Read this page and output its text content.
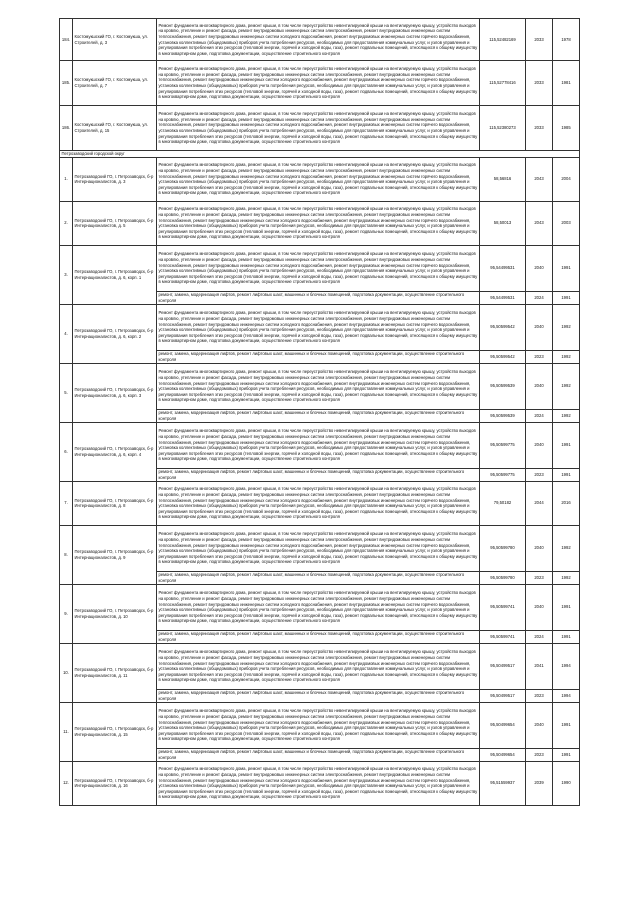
184.	Костомукшский ГО, г. Костомукша, ул. Строителей, д. 3	Ремонт фундамента многоквартирного дома, ремонт крыши, в том числе переустройство невентилируемой крыши на вентилируемую крышу, устройство выходов на кровлю, утепление и ремонт фасада, ремонт внутридомовых инженерных систем электроснабжения, ремонт внутридомовых инженерных систем теплоснабжения, ремонт внутридомовых инженерных систем холодного водоснабжения, ремонт внутридомовых инженерных систем горячего водоснабжения, установка коллективных (общедомовых) приборов учета потребления ресурсов, необходимых для предоставления коммунальных услуг, и узлов управления и регулирования потребления этих ресурсов (тепловой энергии, горячей и холодной воды, газа), ремонт подвальных помещений, относящихся к общему имуществу в многоквартирном доме, подготовка документации, осуществление строительного контроля	115,52482169	2033	1978
185.	Костомукшский ГО, г. Костомукша, ул. Строителей, д. 7	Ремонт фундамента многоквартирного дома, ремонт крыши, в том числе переустройство невентилируемой крыши на вентилируемую крышу, устройство выходов на кровлю, утепление и ремонт фасада, ремонт внутридомовых инженерных систем электроснабжения, ремонт внутридомовых инженерных систем теплоснабжения, ремонт внутридомовых инженерных систем холодного водоснабжения, ремонт внутридомовых инженерных систем горячего водоснабжения, установка коллективных (общедомовых) приборов учета потребления ресурсов, необходимых для предоставления коммунальных услуг, и узлов управления и регулирования потребления этих ресурсов (тепловой энергии, горячей и холодной воды, газа), ремонт подвальных помещений, относящихся к общему имуществу в многоквартирном доме, подготовка документации, осуществление строительного контроля	115,52778416	2033	1981
186.	Костомукшский ГО, г. Костомукша, ул. Строителей, д. 15	Ремонт фундамента многоквартирного дома, ремонт крыши, в том числе переустройство невентилируемой крыши на вентилируемую крышу, устройство выходов на кровлю, утепление и ремонт фасада, ремонт внутридомовых инженерных систем электроснабжения, ремонт внутридомовых инженерных систем теплоснабжения, ремонт внутридомовых инженерных систем холодного водоснабжения, ремонт внутридомовых инженерных систем горячего водоснабжения, установка коллективных (общедомовых) приборов учета потребления ресурсов, необходимых для предоставления коммунальных услуг, и узлов управления и регулирования потребления этих ресурсов (тепловой энергии, горячей и холодной воды, газа), ремонт подвальных помещений, относящихся к общему имуществу в многоквартирном доме, подготовка документации, осуществление строительного контроля	115,52380273	2033	1985
Петрозаводский городской округ					
1.	Петрозаводский ГО, г. Петрозаводск, б-р Интернационалистов, д. 3	Ремонт фундамента многоквартирного дома, ремонт крыши, в том числе переустройство невентилируемой крыши на вентилируемую крышу, устройство выходов на кровлю, утепление и ремонт фасада, ремонт внутридомовых инженерных систем электроснабжения, ремонт внутридомовых инженерных систем теплоснабжения, ремонт внутридомовых инженерных систем холодного водоснабжения, ремонт внутридомовых инженерных систем горячего водоснабжения, установка коллективных (общедомовых) приборов учета потребления ресурсов, необходимых для предоставления коммунальных услуг, и узлов управления и регулирования потребления этих ресурсов (тепловой энергии, горячей и холодной воды, газа), ремонт подвальных помещений, относящихся к общему имуществу в многоквартирном доме, подготовка документации, осуществление строительного контроля	58,56816	2043	2004
2.	Петрозаводский ГО, г. Петрозаводск, б-р Интернационалистов, д. 5	Ремонт фундамента многоквартирного дома, ремонт крыши, в том числе переустройство невентилируемой крыши на вентилируемую крышу, устройство выходов на кровлю, утепление и ремонт фасада, ремонт внутридомовых инженерных систем электроснабжения, ремонт внутридомовых инженерных систем теплоснабжения, ремонт внутридомовых инженерных систем холодного водоснабжения, ремонт внутридомовых инженерных систем горячего водоснабжения, установка коллективных (общедомовых) приборов учета потребления ресурсов, необходимых для предоставления коммунальных услуг, и узлов управления и регулирования потребления этих ресурсов (тепловой энергии, горячей и холодной воды, газа), ремонт подвальных помещений, относящихся к общему имуществу в многоквартирном доме, подготовка документации, осуществление строительного контроля	58,50013	2043	2003
3.	Петрозаводский ГО, г. Петрозаводск, б-р Интернационалистов, д. 6, корп. 1	Ремонт фундамента многоквартирного дома, ремонт крыши, в том числе переустройство невентилируемой крыши на вентилируемую крышу, устройство выходов на кровлю, утепление и ремонт фасада, ремонт внутридомовых инженерных систем электроснабжения, ремонт внутридомовых инженерных систем теплоснабжения, ремонт внутридомовых инженерных систем холодного водоснабжения, ремонт внутридомовых инженерных систем горячего водоснабжения, установка коллективных (общедомовых) приборов учета потребления ресурсов, необходимых для предоставления коммунальных услуг, и узлов управления и регулирования потребления этих ресурсов (тепловой энергии, горячей и холодной воды, газа), ремонт подвальных помещений, относящихся к общему имуществу в многоквартирном доме, подготовка документации, осуществление строительного контроля	95,54499531	2040	1991
		ремонт, замена, модернизация лифтов, ремонт лифтовых шахт, машинных и блочных помещений, подготовка документации, осуществление строительного контроля	95,54499531	2024	1991
4.	Петрозаводский ГО, г. Петрозаводск, б-р Интернационалистов, д. 6, корп. 2	Ремонт фундамента многоквартирного дома, ремонт крыши, в том числе переустройство невентилируемой крыши на вентилируемую крышу, устройство выходов на кровлю, утепление и ремонт фасада, ремонт внутридомовых инженерных систем электроснабжения, ремонт внутридомовых инженерных систем теплоснабжения, ремонт внутридомовых инженерных систем холодного водоснабжения, ремонт внутридомовых инженерных систем горячего водоснабжения, установка коллективных (общедомовых) приборов учета потребления ресурсов, необходимых для предоставления коммунальных услуг, и узлов управления и регулирования потребления этих ресурсов (тепловой энергии, горячей и холодной воды, газа), ремонт подвальных помещений, относящихся к общему имуществу в многоквартирном доме, подготовка документации, осуществление строительного контроля	95,50599542	2040	1992
		ремонт, замена, модернизация лифтов, ремонт лифтовых шахт, машинных и блочных помещений, подготовка документации, осуществление строительного контроля	95,50599542	2023	1992
5.	Петрозаводский ГО, г. Петрозаводск, б-р Интернационалистов, д. 6, корп. 3	Ремонт фундамента многоквартирного дома, ремонт крыши, в том числе переустройство невентилируемой крыши на вентилируемую крышу, устройство выходов на кровлю, утепление и ремонт фасада, ремонт внутридомовых инженерных систем электроснабжения, ремонт внутридомовых инженерных систем теплоснабжения, ремонт внутридомовых инженерных систем холодного водоснабжения, ремонт внутридомовых инженерных систем горячего водоснабжения, установка коллективных (общедомовых) приборов учета потребления ресурсов, необходимых для предоставления коммунальных услуг, и узлов управления и регулирования потребления этих ресурсов (тепловой энергии, горячей и холодной воды, газа), ремонт подвальных помещений, относящихся к общему имуществу в многоквартирном доме, подготовка документации, осуществление строительного контроля	95,50599539	2040	1992
		ремонт, замена, модернизация лифтов, ремонт лифтовых шахт, машинных и блочных помещений, подготовка документации, осуществление строительного контроля	95,50599539	2024	1992
6.	Петрозаводский ГО, г. Петрозаводск, б-р Интернационалистов, д. 6, корп. 4	Ремонт фундамента многоквартирного дома, ремонт крыши, в том числе переустройство невентилируемой крыши на вентилируемую крышу, устройство выходов на кровлю, утепление и ремонт фасада, ремонт внутридомовых инженерных систем электроснабжения, ремонт внутридомовых инженерных систем теплоснабжения, ремонт внутридомовых инженерных систем холодного водоснабжения, ремонт внутридомовых инженерных систем горячего водоснабжения, установка коллективных (общедомовых) приборов учета потребления ресурсов, необходимых для предоставления коммунальных услуг, и узлов управления и регулирования потребления этих ресурсов (тепловой энергии, горячей и холодной воды, газа), ремонт подвальных помещений, относящихся к общему имуществу в многоквартирном доме, подготовка документации, осуществление строительного контроля	95,50599775	2040	1991
		ремонт, замена, модернизация лифтов, ремонт лифтовых шахт, машинных и блочных помещений, подготовка документации, осуществление строительного контроля	95,50599775	2023	1991
7.	Петрозаводский ГО, г. Петрозаводск, б-р Интернационалистов, д. 8	Ремонт фундамента многоквартирного дома, ремонт крыши, в том числе переустройство невентилируемой крыши на вентилируемую крышу, устройство выходов на кровлю, утепление и ремонт фасада, ремонт внутридомовых инженерных систем электроснабжения, ремонт внутридомовых инженерных систем теплоснабжения, ремонт внутридомовых инженерных систем холодного водоснабжения, ремонт внутридомовых инженерных систем горячего водоснабжения, установка коллективных (общедомовых) приборов учета потребления ресурсов, необходимых для предоставления коммунальных услуг, и узлов управления и регулирования потребления этих ресурсов (тепловой энергии, горячей и холодной воды, газа), ремонт подвальных помещений, относящихся к общему имуществу в многоквартирном доме, подготовка документации, осуществление строительного контроля	79,50182	2044	2016
8.	Петрозаводский ГО, г. Петрозаводск, б-р Интернационалистов, д. 9	Ремонт фундамента многоквартирного дома, ремонт крыши, в том числе переустройство невентилируемой крыши на вентилируемую крышу, устройство выходов на кровлю, утепление и ремонт фасада, ремонт внутридомовых инженерных систем электроснабжения, ремонт внутридомовых инженерных систем теплоснабжения, ремонт внутридомовых инженерных систем холодного водоснабжения, ремонт внутридомовых инженерных систем горячего водоснабжения, установка коллективных (общедомовых) приборов учета потребления ресурсов, необходимых для предоставления коммунальных услуг, и узлов управления и регулирования потребления этих ресурсов (тепловой энергии, горячей и холодной воды, газа), ремонт подвальных помещений, относящихся к общему имуществу в многоквартирном доме, подготовка документации, осуществление строительного контроля	95,50599780	2040	1992
		ремонт, замена, модернизация лифтов, ремонт лифтовых шахт, машинных и блочных помещений, подготовка документации, осуществление строительного контроля	95,50599780	2023	1992
9.	Петрозаводский ГО, г. Петрозаводск, б-р Интернационалистов, д. 10	Ремонт фундамента многоквартирного дома, ремонт крыши, в том числе переустройство невентилируемой крыши на вентилируемую крышу, устройство выходов на кровлю, утепление и ремонт фасада, ремонт внутридомовых инженерных систем электроснабжения, ремонт внутридомовых инженерных систем теплоснабжения, ремонт внутридомовых инженерных систем холодного водоснабжения, ремонт внутридомовых инженерных систем горячего водоснабжения, установка коллективных (общедомовых) приборов учета потребления ресурсов, необходимых для предоставления коммунальных услуг, и узлов управления и регулирования потребления этих ресурсов (тепловой энергии, горячей и холодной воды, газа), ремонт подвальных помещений, относящихся к общему имуществу в многоквартирном доме, подготовка документации, осуществление строительного контроля	95,50599741	2040	1991
		ремонт, замена, модернизация лифтов, ремонт лифтовых шахт, машинных и блочных помещений, подготовка документации, осуществление строительного контроля	95,50599741	2024	1991
10.	Петрозаводский ГО, г. Петрозаводск, б-р Интернационалистов, д. 11	Ремонт фундамента многоквартирного дома, ремонт крыши, в том числе переустройство невентилируемой крыши на вентилируемую крышу, устройство выходов на кровлю, утепление и ремонт фасада, ремонт внутридомовых инженерных систем электроснабжения, ремонт внутридомовых инженерных систем теплоснабжения, ремонт внутридомовых инженерных систем холодного водоснабжения, ремонт внутридомовых инженерных систем горячего водоснабжения, установка коллективных (общедомовых) приборов учета потребления ресурсов, необходимых для предоставления коммунальных услуг, и узлов управления и регулирования потребления этих ресурсов (тепловой энергии, горячей и холодной воды, газа), ремонт подвальных помещений, относящихся к общему имуществу в многоквартирном доме, подготовка документации, осуществление строительного контроля	95,50499517	2041	1994
		ремонт, замена, модернизация лифтов, ремонт лифтовых шахт, машинных и блочных помещений, подготовка документации, осуществление строительного контроля	95,50499517	2023	1994
11.	Петрозаводский ГО, г. Петрозаводск, б-р Интернационалистов, д. 15	Ремонт фундамента многоквартирного дома, ремонт крыши, в том числе переустройство невентилируемой крыши на вентилируемую крышу, устройство выходов на кровлю, утепление и ремонт фасада, ремонт внутридомовых инженерных систем электроснабжения, ремонт внутридомовых инженерных систем теплоснабжения, ремонт внутридомовых инженерных систем холодного водоснабжения, ремонт внутридомовых инженерных систем горячего водоснабжения, установка коллективных (общедомовых) приборов учета потребления ресурсов, необходимых для предоставления коммунальных услуг, и узлов управления и регулирования потребления этих ресурсов (тепловой энергии, горячей и холодной воды, газа), ремонт подвальных помещений, относящихся к общему имуществу в многоквартирном доме, подготовка документации, осуществление строительного контроля	95,50499654	2040	1991
		ремонт, замена, модернизация лифтов, ремонт лифтовых шахт, машинных и блочных помещений, подготовка документации, осуществление строительного контроля	95,50499654	2023	1991
12.	Петрозаводский ГО, г. Петрозаводск, б-р Интернационалистов, д. 16	Ремонт фундамента многоквартирного дома, ремонт крыши, в том числе переустройство невентилируемой крыши на вентилируемую крышу, устройство выходов на кровлю, утепление и ремонт фасада, ремонт внутридомовых инженерных систем электроснабжения, ремонт внутридомовых инженерных систем теплоснабжения, ремонт внутридомовых инженерных систем холодного водоснабжения, ремонт внутридомовых инженерных систем горячего водоснабжения, установка коллективных (общедомовых) приборов учета потребления ресурсов, необходимых для предоставления коммунальных услуг, и узлов управления и регулирования потребления этих ресурсов (тепловой энергии, горячей и холодной воды, газа), ремонт подвальных помещений, относящихся к общему имуществу в многоквартирном доме, подготовка документации, осуществление строительного контроля	95,51559937	2039	1990
